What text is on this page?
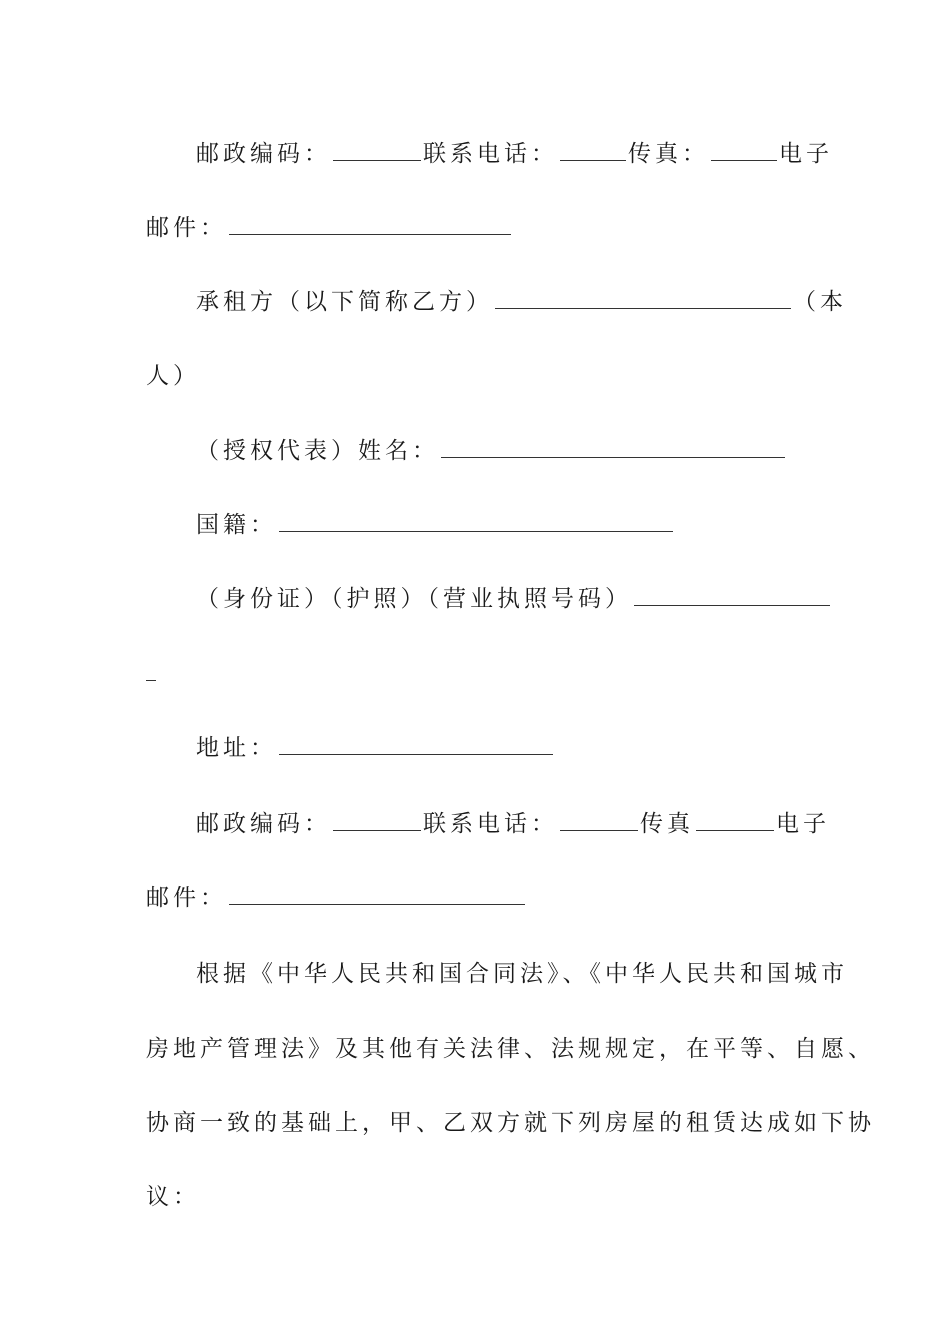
邮政编码：	联系电话：	传真：	电子
邮件：
承租方（以下简称乙方）	（本
人）
（授权代表）姓名：
国籍：
（身份证）（护照）（营业执照号码）
地址：
邮政编码：	联系电话：	传真	电子
邮件：
根据《中华人民共和国合同法》、《中华人民共和国城市
房地产管理法》及其他有关法律、法规规定，在平等、自愿、
协商一致的基础上，甲、乙双方就下列房屋的租赁达成如下协
议：
